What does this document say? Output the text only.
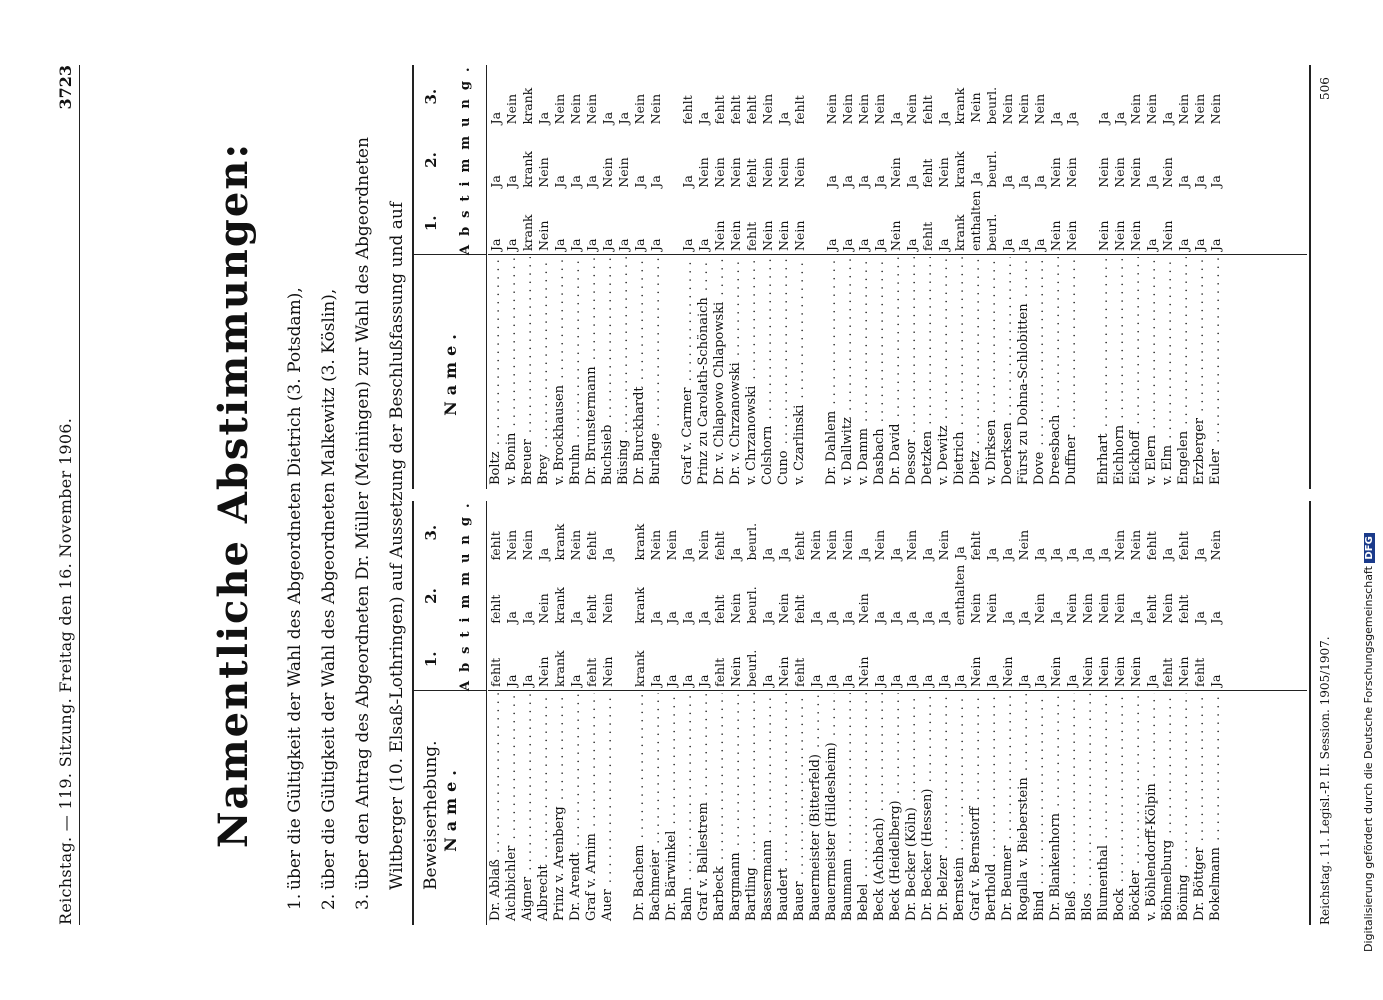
Reichstag. — 119. Sitzung. Freitag den 16. November 1906.
3723
Namentliche Abstimmungen:
1.
über die Gültigkeit der Wahl des Abgeordneten Dietrich (3. Potsdam),
2.
über die Gültigkeit der Wahl des Abgeordneten Malkewitz (3. Köslin),
3.
über den Antrag des Abgeordneten Dr. Müller (Meiningen) zur Wahl des Abgeordneten Wiltberger (10. Elsaß-Lothringen) auf Aussetzung der Beschlußfassung und auf Beweiserhebung. Name.
1.
2.
3. Abstimmung.
Dr. Ablaß . . .
fehlt
fehlt
fehlt
Aichbichler . . .
Ja
Ja
Nein
Aigner . . .
Ja
Ja
Nein
Albrecht . . .
Nein
Nein
Ja
Prinz v. Arenberg . . .
krank
krank
krank
Dr. Arendt . . .
Ja
Ja
Nein
Graf v. Arnim . . .
fehlt
fehlt
fehlt
Auer . . .
Nein
Nein
Ja
Dr. Bachem . . .
krank
krank
krank
Bachmeier . . .
Ja
Ja
Nein
Dr. Bärwinkel . . .
Ja
Ja
Nein
Bahn . . .
Ja
Ja
Ja
Graf v. Ballestrem . . .
Ja
Ja
Nein
Barbeck . . .
fehlt
fehlt
fehlt
Bargmann . . .
Nein
Nein
Ja
Bartling . . .
beurl.
beurl.
beurl.
Bassermann . . .
Ja
Ja
Ja
Baudert . . .
Nein
Nein
Ja
Bauer . . .
fehlt
fehlt
fehlt
Bauermeister (Bitterfeld) . . .
Ja
Ja
Nein
Bauermeister (Hildesheim) . . .
Ja
Ja
Nein
Baumann . . .
Ja
Ja
Nein
Bebel . . .
Nein
Nein
Ja
Beck (Achbach) . . .
Ja
Ja
Nein
Beck (Heidelberg) . . .
Ja
Ja
Ja
Dr. Becker (Köln) . . .
Ja
Ja
Nein
Dr. Becker (Hessen) . . .
Ja
Ja
Ja
Dr. Belzer . . .
Ja
Ja
Nein
Bernstein . . .
Ja
enthalten
Ja
Graf v. Bernstorff . . .
Nein
Nein
fehlt
Berthold . . .
Ja
Nein
Ja
Dr. Beumer . . .
Nein
Ja
Ja
Rogalla v. Bieberstein . . .
Ja
Ja
Nein
Bind . . .
Ja
Nein
Ja
Dr. Blankenhorn . . .
Nein
Ja
Ja
Bleß . . .
Ja
Nein
Ja
Blos . . .
Nein
Nein
Ja
Blumenthal . . .
Nein
Nein
Ja
Bock . . .
Nein
Nein
Nein
Böckler . . .
Nein
Ja
Nein
v. Böhlendorff-Kölpin . . .
Ja
fehlt
fehlt
Böhmelburg . . .
fehlt
Nein
Ja
Böning . . .
Nein
fehlt
fehlt
Dr. Böttger . . .
fehlt
Ja
Ja
Bokelmann . . .
Ja
Ja
Nein
Name.
1.
2.
3. Abstimmung.
Boltz . . .
Ja
Ja
Ja
v. Bonin . . .
Ja
Ja
Nein
Breuer . . .
krank
krank
krank
Brey . . .
Nein
Nein
Ja
v. Brockhausen . . .
Ja
Ja
Nein
Bruhn . . .
Ja
Ja
Nein
Dr. Brunstermann . . .
Ja
Ja
Nein
Buchsieb . . .
Ja
Nein
Ja
Büsing . . .
Ja
Nein
Ja
Dr. Burckhardt . . .
Ja
Ja
Nein
Burlage . . .
Ja
Ja
Nein
Graf v. Carmer . . .
Ja
Ja
fehlt
Prinz zu Carolath-Schönaich . . .
Ja
Nein
Ja
Dr. v. Chlapowo Chlapowski . . .
Nein
Nein
fehlt
Dr. v. Chrzanowski . . .
Nein
Nein
fehlt
v. Chrzanowski . . .
fehlt
fehlt
fehlt
Colshorn . . .
Nein
Nein
Nein
Cuno . . .
Nein
Nein
Ja
v. Czarlinski . . .
Nein
Nein
fehlt
Dr. Dahlem . . .
Ja
Ja
Nein
v. Dallwitz . . .
Ja
Ja
Nein
v. Damm . . .
Ja
Ja
Nein
Dasbach . . .
Ja
Ja
Nein
Dr. David . . .
Nein
Nein
Ja
Dessor . . .
Ja
Ja
Nein
Detzken . . .
fehlt
fehlt
fehlt
v. Dewitz . . .
Ja
Nein
Ja
Dietrich . . .
krank
krank
krank
Dietz . . .
enthalten
Ja
Nein
v. Dirksen . . .
beurl.
beurl.
beurl.
Doerksen . . .
Ja
Ja
Nein
Fürst zu Dohna-Schlobitten . . .
Ja
Ja
Nein
Dove . . .
Ja
Ja
Nein
Dreesbach . . .
Nein
Nein
Ja
Duffner . . .
Nein
Nein
Ja
Ehrhart . . .
Nein
Nein
Ja
Eichhorn . . .
Nein
Nein
Ja
Eickhoff . . .
Nein
Nein
Nein
v. Elern . . .
Ja
Ja
Nein
v. Elm . . .
Nein
Nein
Ja
Engelen . . .
Ja
Ja
Nein
Erzberger . . .
Ja
Ja
Nein
Euler . . .
Ja
Ja
Nein
Reichstag. 11. Legisl.-P. II. Session. 1905/1907.
506
Digitalisierung gefördert durch die Deutsche Forschungsgemeinschaft DFG
